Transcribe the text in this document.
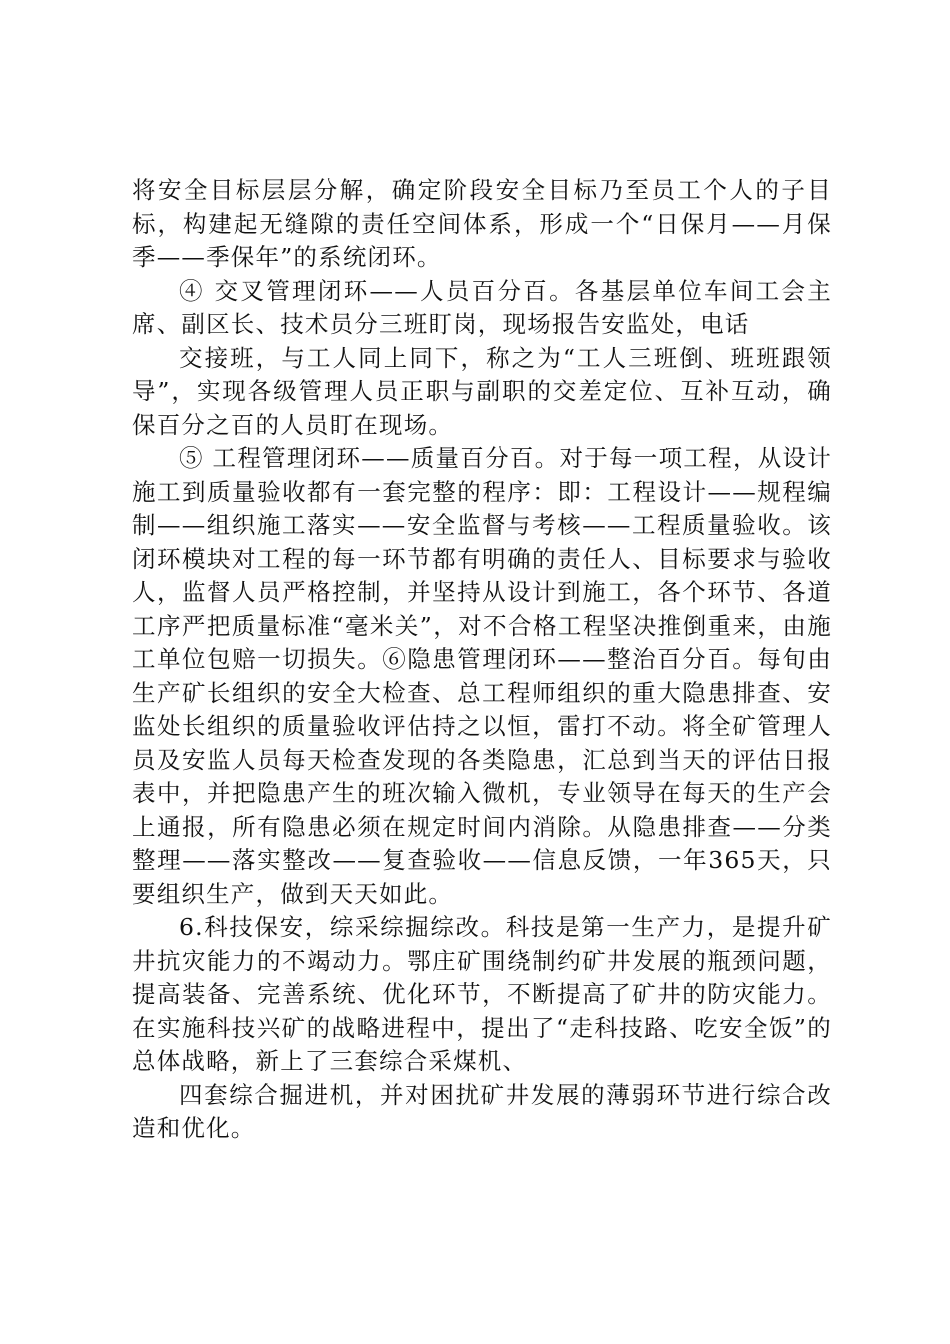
将安全目标层层分解，确定阶段安全目标乃至员工个人的子目标，构建起无缝隙的责任空间体系，形成一个“日保月——月保季——季保年”的系统闭环。

④ 交叉管理闭环——人员百分百。各基层单位车间工会主席、副区长、技术员分三班盯岗，现场报告安监处，电话

交接班，与工人同上同下，称之为“工人三班倒、班班跟领导”，实现各级管理人员正职与副职的交差定位、互补互动，确保百分之百的人员盯在现场。

⑤ 工程管理闭环——质量百分百。对于每一项工程，从设计施工到质量验收都有一套完整的程序：即：工程设计——规程编制——组织施工落实——安全监督与考核——工程质量验收。该闭环模块对工程的每一环节都有明确的责任人、目标要求与验收人，监督人员严格控制，并坚持从设计到施工，各个环节、各道工序严把质量标准“毫米关”，对不合格工程坚决推倒重来，由施工单位包赔一切损失。⑥隐患管理闭环——整治百分百。每旬由生产矿长组织的安全大检查、总工程师组织的重大隐患排查、安监处长组织的质量验收评估持之以恒，雷打不动。将全矿管理人员及安监人员每天检查发现的各类隐患，汇总到当天的评估日报表中，并把隐患产生的班次输入微机，专业领导在每天的生产会上通报，所有隐患必须在规定时间内消除。从隐患排查——分类整理——落实整改——复查验收——信息反馈，一年365天，只要组织生产，做到天天如此。

6.科技保安，综采综掘综改。科技是第一生产力，是提升矿井抗灾能力的不竭动力。鄂庄矿围绕制约矿井发展的瓶颈问题，提高装备、完善系统、优化环节，不断提高了矿井的防灾能力。在实施科技兴矿的战略进程中，提出了“走科技路、吃安全饭”的总体战略，新上了三套综合采煤机、

四套综合掘进机，并对困扰矿井发展的薄弱环节进行综合改造和优化。
